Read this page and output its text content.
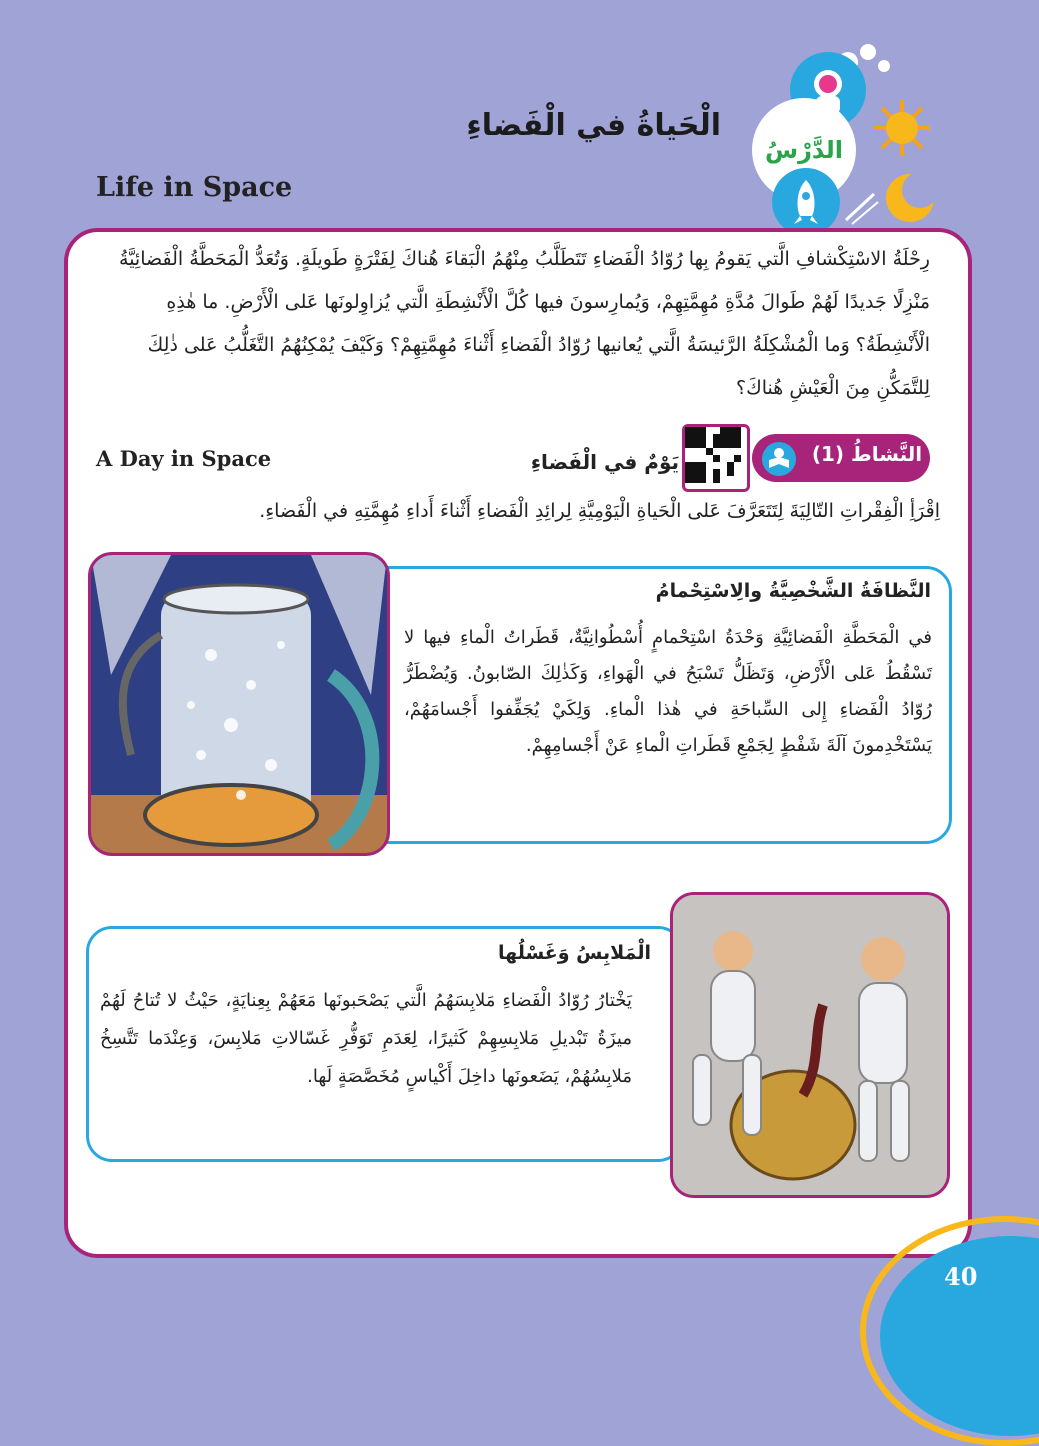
الْحَياةُ في الْفَضاءِ
Life in Space
الدَّرْسُ

رِحْلَةُ الاسْتِكْشافِ الَّتي يَقومُ بِها رُوّادُ الْفَضاءِ تَتَطَلَّبُ مِنْهُمُ الْبَقاءَ هُناكَ لِفَتْرَةٍ طَويلَةٍ. وَتُعَدُّ الْمَحَطَّةُ الْفَضائِيَّةُ مَنْزِلًا جَديدًا لَهُمْ طَوالَ مُدَّةِ مُهِمَّتِهِمْ، وَيُمارِسونَ فيها كُلَّ الْأَنْشِطَةِ الَّتي يُزاوِلونَها عَلى الْأَرْضِ. ما هٰذِهِ الْأَنْشِطَةُ؟ وَما الْمُشْكِلَةُ الرَّئيسَةُ الَّتي يُعانيها رُوّادُ الْفَضاءِ أَثْناءَ مُهِمَّتِهِمْ؟ وَكَيْفَ يُمْكِنُهُمُ التَّغَلُّبُ عَلى ذٰلِكَ لِلتَّمَكُّنِ مِنَ الْعَيْشِ هُناكَ؟

النَّشاطُ (1)
يَوْمٌ في الْفَضاءِ
A Day in Space
اِقْرَأِ الْفِقْراتِ التّالِيَةَ لِتَتَعَرَّفَ عَلى الْحَياةِ الْيَوْمِيَّةِ لِرائِدِ الْفَضاءِ أَثْناءَ أَداءِ مُهِمَّتِهِ في الْفَضاءِ.
النَّظافَةُ الشَّخْصِيَّةُ والِاسْتِحْمامُ

في الْمَحَطَّةِ الْفَضائِيَّةِ وَحْدَةُ اسْتِحْمامٍ أُسْطُوانِيَّةٌ، قَطَراتُ الْماءِ فيها لا تَسْقُطُ عَلى الْأَرْضِ، وَتَظَلُّ تَسْبَحُ في الْهَواءِ، وَكَذٰلِكَ الصّابونُ. وَيُضْطَرُّ رُوّادُ الْفَضاءِ إِلى السِّباحَةِ في هٰذا الْماءِ. وَلِكَيْ يُجَفِّفوا أَجْسامَهُمْ، يَسْتَخْدِمونَ آلَةَ شَفْطٍ لِجَمْعِ قَطَراتِ الْماءِ عَنْ أَجْسامِهِمْ.

الْمَلابِسُ وَغَسْلُها

يَخْتارُ رُوّادُ الْفَضاءِ مَلابِسَهُمُ الَّتي يَصْحَبونَها مَعَهُمْ بِعِنايَةٍ، حَيْثُ لا تُتاحُ لَهُمْ ميزَةُ تَبْديلِ مَلابِسِهِمْ كَثيرًا، لِعَدَمِ تَوَفُّرِ غَسّالاتِ مَلابِسَ، وَعِنْدَما تَتَّسِخُ مَلابِسُهُمْ، يَضَعونَها داخِلَ أَكْياسٍ مُخَصَّصَةٍ لَها.

40
